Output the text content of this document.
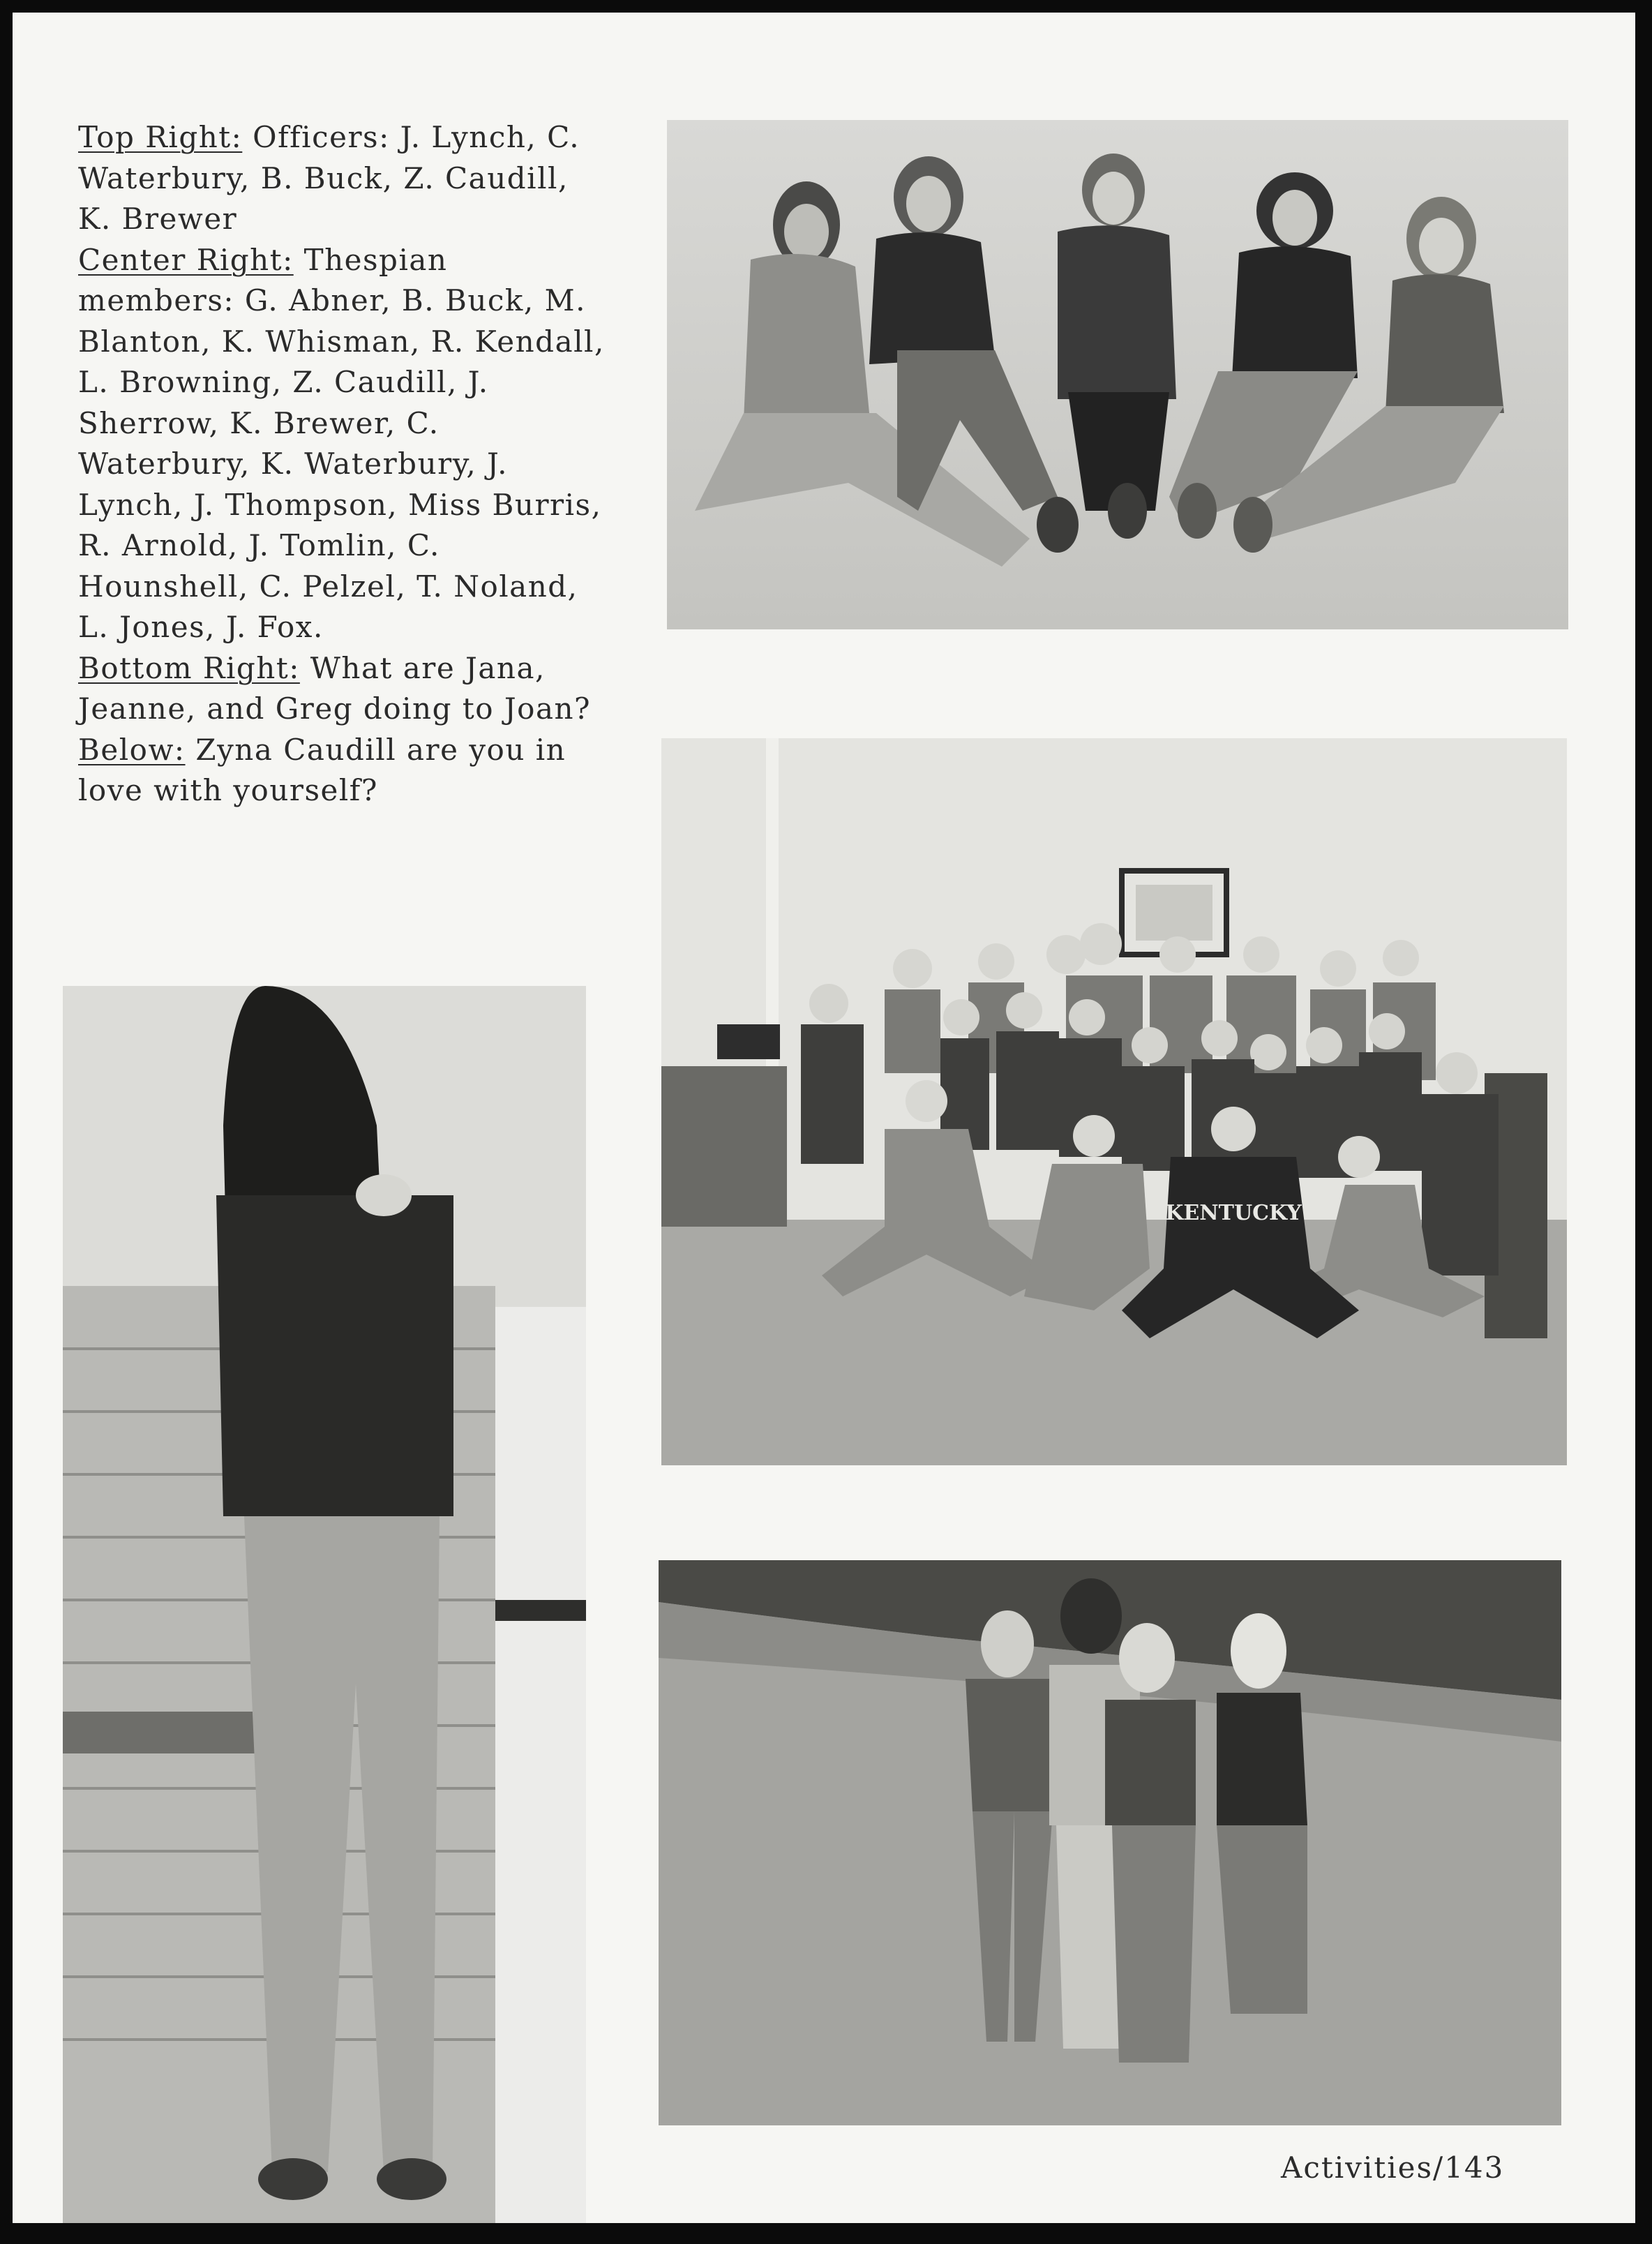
Top Right: Officers: J. Lynch, C. Waterbury, B. Buck, Z. Caudill, K. Brewer

Center Right: Thespian members: G. Abner, B. Buck, M. Blanton, K. Whisman, R. Kendall, L. Browning, Z. Caudill, J. Sherrow, K. Brewer, C. Waterbury, K. Waterbury, J. Lynch, J. Thompson, Miss Burris, R. Arnold, J. Tomlin, C. Hounshell, C. Pelzel, T. Noland, L. Jones, J. Fox.

Bottom Right: What are Jana, Jeanne, and Greg doing to Joan?

Below: Zyna Caudill are you in love with yourself?

KENTUCKY
Activities/143
